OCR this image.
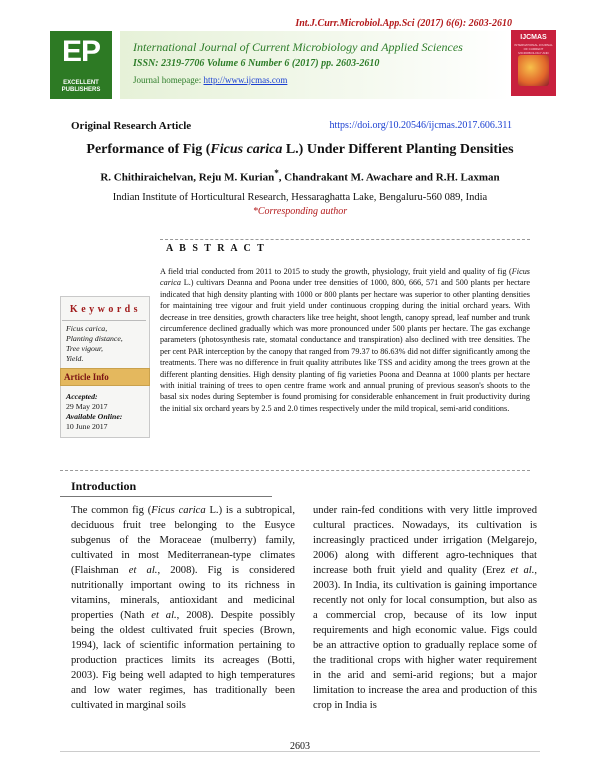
Int.J.Curr.Microbiol.App.Sci (2017) 6(6): 2603-2610
EP
EXCELLENT PUBLISHERS
International Journal of Current Microbiology and Applied Sciences
ISSN: 2319-7706 Volume 6 Number 6 (2017) pp. 2603-2610
Journal homepage: http://www.ijcmas.com
IJCMAS
INTERNATIONAL JOURNAL OF CURRENT MICROBIOLOGY AND
Original Research Article	https://doi.org/10.20546/ijcmas.2017.606.311
Performance of Fig (Ficus carica L.) Under Different Planting Densities
R. Chithiraichelvan, Reju M. Kurian*, Chandrakant M. Awachare and R.H. Laxman
Indian Institute of Horticultural Research, Hessaraghatta Lake, Bengaluru-560 089, India
*Corresponding author
A B S T R A C T
A field trial conducted from 2011 to 2015 to study the growth, physiology, fruit yield and quality of fig (Ficus carica L.) cultivars Deanna and Poona under tree densities of 1000, 800, 666, 571 and 500 plants per hectare indicated that high density planting with 1000 or 800 plants per hectare was superior to other planting densities for maintaining tree vigour and fruit yield under continuous cropping during the initial orchard years. With decrease in tree densities, growth characters like tree height, shoot length, canopy spread, leaf number and trunk circumference declined gradually which was more pronounced under 500 plants per hectare. The gas exchange parameters (photosynthesis rate, stomatal conductance and transpiration) also declined with tree densities. The per cent PAR interception by the canopy that ranged from 79.37 to 86.63% did not differ significantly among the treatments. There was no difference in fruit quality attributes like TSS and acidity among the trees grown at the different planting densities. High density planting of fig varieties Poona and Deanna at 1000 plants per hectare with initial training of trees to open centre frame work and annual pruning of previous season's shoots to the basal six nodes during September is found promising for considerable enhancement in fruit productivity during the initial six orchard years by 2.5 and 2.0 times respectively under the mild tropical, semi-arid conditions.
K e y w o r d s
Ficus carica,
Planting distance,
Tree vigour,
Yield.
Article Info
Accepted:
29 May 2017
Available Online:
10 June 2017
Introduction
The common fig (Ficus carica L.) is a subtropical, deciduous fruit tree belonging to the Eusyce subgenus of the Moraceae (mulberry) family, cultivated in most Mediterranean-type climates (Flaishman et al., 2008). Fig is considered nutritionally important owing to its richness in vitamins, minerals, antioxidant and medicinal properties (Nath et al., 2008). Despite possibly being the oldest cultivated fruit species (Brown, 1994), lack of scientific information pertaining to production practices limits its acreages (Botti, 2003). Fig being well adapted to high temperatures and low water regimes, has traditionally been cultivated in marginal soils
under rain-fed conditions with very little improved cultural practices. Nowadays, its cultivation is increasingly practiced under irrigation (Melgarejo, 2006) along with different agro-techniques that increase both fruit yield and quality (Erez et al., 2003). In India, its cultivation is gaining importance recently not only for local consumption, but also as a commercial crop, because of its low input requirements and high economic value. Figs could be an attractive option to gradually replace some of the traditional crops with higher water requirement in the arid and semi-arid regions; but a major limitation to increase the area and production of this crop in India is
2603
